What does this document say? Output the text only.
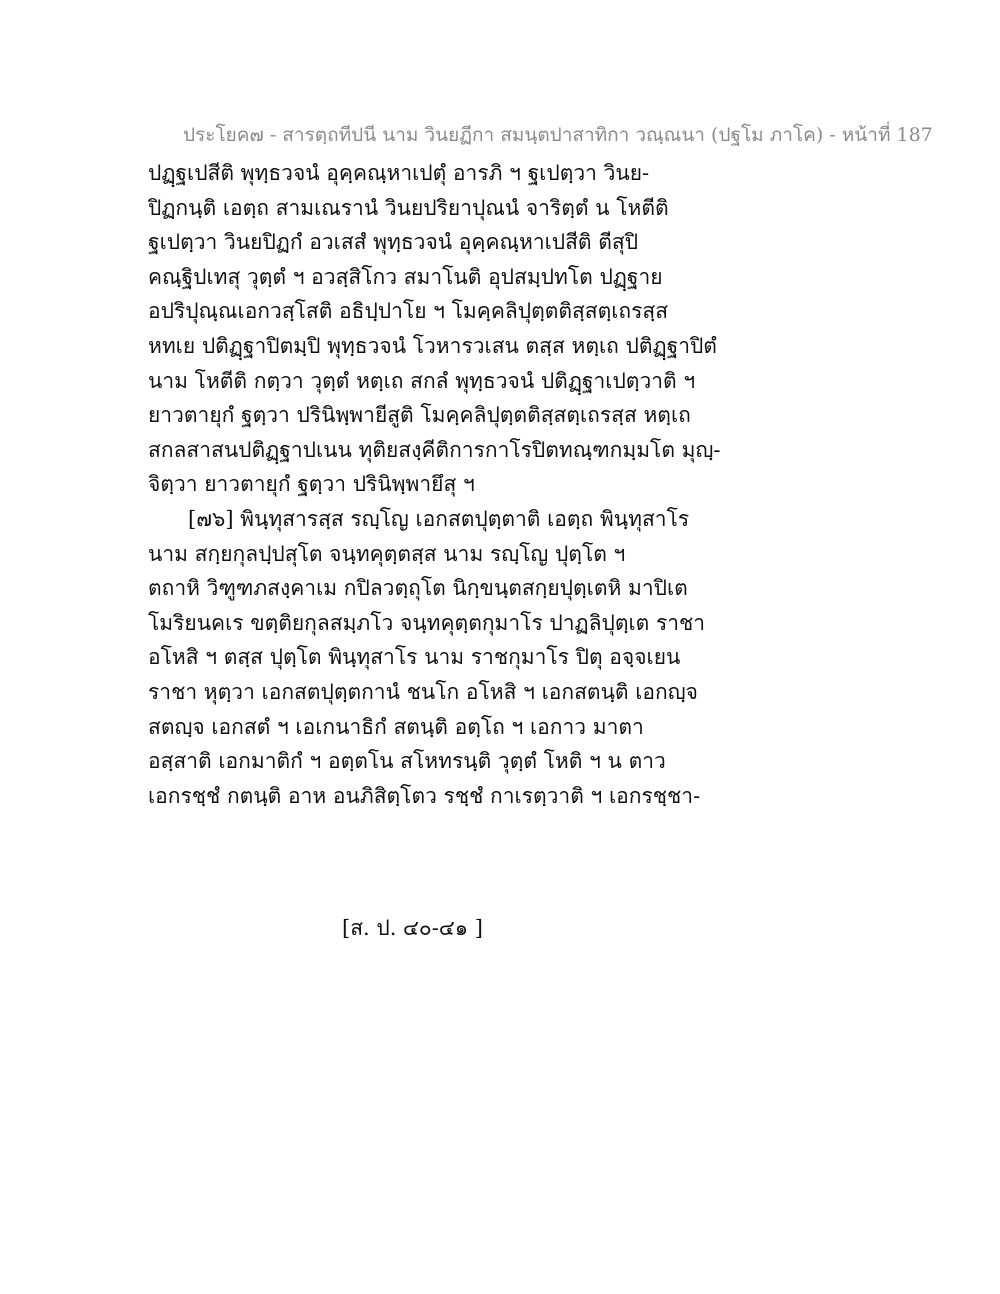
ประโยค๗ - สารตฺถทีปนี นาม วินยฏีกา สมนฺตปาสาทิกา วณฺณนา (ปฐโม ภาโค) - หน้าที่ 187
ปฏฺฐเปสีติ พุทฺธวจนํ อุคฺคณฺหาเปตุํ อารภิ ฯ ฐเปตฺวา วินย-
ปิฏกนฺติ เอตฺถ สามเณรานํ วินยปริยาปุณนํ จาริตฺตํ น โหตีติ
ฐเปตฺวา วินยปิฏกํ อวเสสํ พุทฺธวจนํ อุคฺคณฺหาเปสีติ ตีสุปิ
คณฺฐิปเทสุ วุตฺตํ ฯ อวสฺสิโกว สมาโนติ อุปสมฺปทโต ปฏฺฐาย
อปริปุณฺณเอกวสฺโสติ อธิปฺปาโย ฯ โมคฺคลิปุตฺตติสฺสตฺเถรสฺส
หทเย ปติฏฺฐาปิตมฺปิ พุทฺธวจนํ โวหารวเสน ตสฺส หตฺเถ ปติฏฺฐาปิตํ
นาม โหตีติ กตฺวา วุตฺตํ หตฺเถ สกลํ พุทฺธวจนํ ปติฏฺฐาเปตฺวาติ ฯ
ยาวตายุกํ ฐตฺวา ปรินิพฺพายีสูติ โมคฺคลิปุตฺตติสฺสตฺเถรสฺส หตฺเถ
สกลสาสนปติฏฺฐาปเนน ทุติยสงฺคีติการกาโรปิตทณฺฑกมฺมโต มุญฺ-
จิตฺวา ยาวตายุกํ ฐตฺวา ปรินิพฺพายึสุ ฯ
[๗๖] พินฺทุสารสฺส รญฺโญ เอกสตปุตฺตาติ เอตฺถ พินฺทุสาโร
นาม สกฺยกุลปฺปสุโต จนฺทคุตฺตสฺส นาม รญฺโญ ปุตฺโต ฯ
ตถาหิ วิฑูฑภสงฺคาเม กปิลวตฺถุโต นิกฺขนฺตสกฺยปุตฺเตหิ มาปิเต
โมริยนคเร ขตฺติยกุลสมฺภโว จนฺทคุตฺตกุมาโร ปาฏลิปุตฺเต ราชา
อโหสิ ฯ ตสฺส ปุตฺโต พินฺทุสาโร นาม ราชกุมาโร ปิตุ อจฺจเยน
ราชา หุตฺวา เอกสตปุตฺตกานํ ชนโก อโหสิ ฯ เอกสตนฺติ เอกญฺจ
สตญฺจ เอกสตํ ฯ เอเกนาธิกํ สตนฺติ อตฺโถ ฯ เอกาว มาตา
อสฺสาติ เอกมาติกํ ฯ อตฺตโน สโหทรนฺติ วุตฺตํ โหติ ฯ น ตาว
เอกรชฺชํ กตนฺติ อาห อนภิสิตฺโตว รชฺชํ กาเรตฺวาติ ฯ เอกรชฺชา-
[ส. ป. ๔๐-๔๑ ]
